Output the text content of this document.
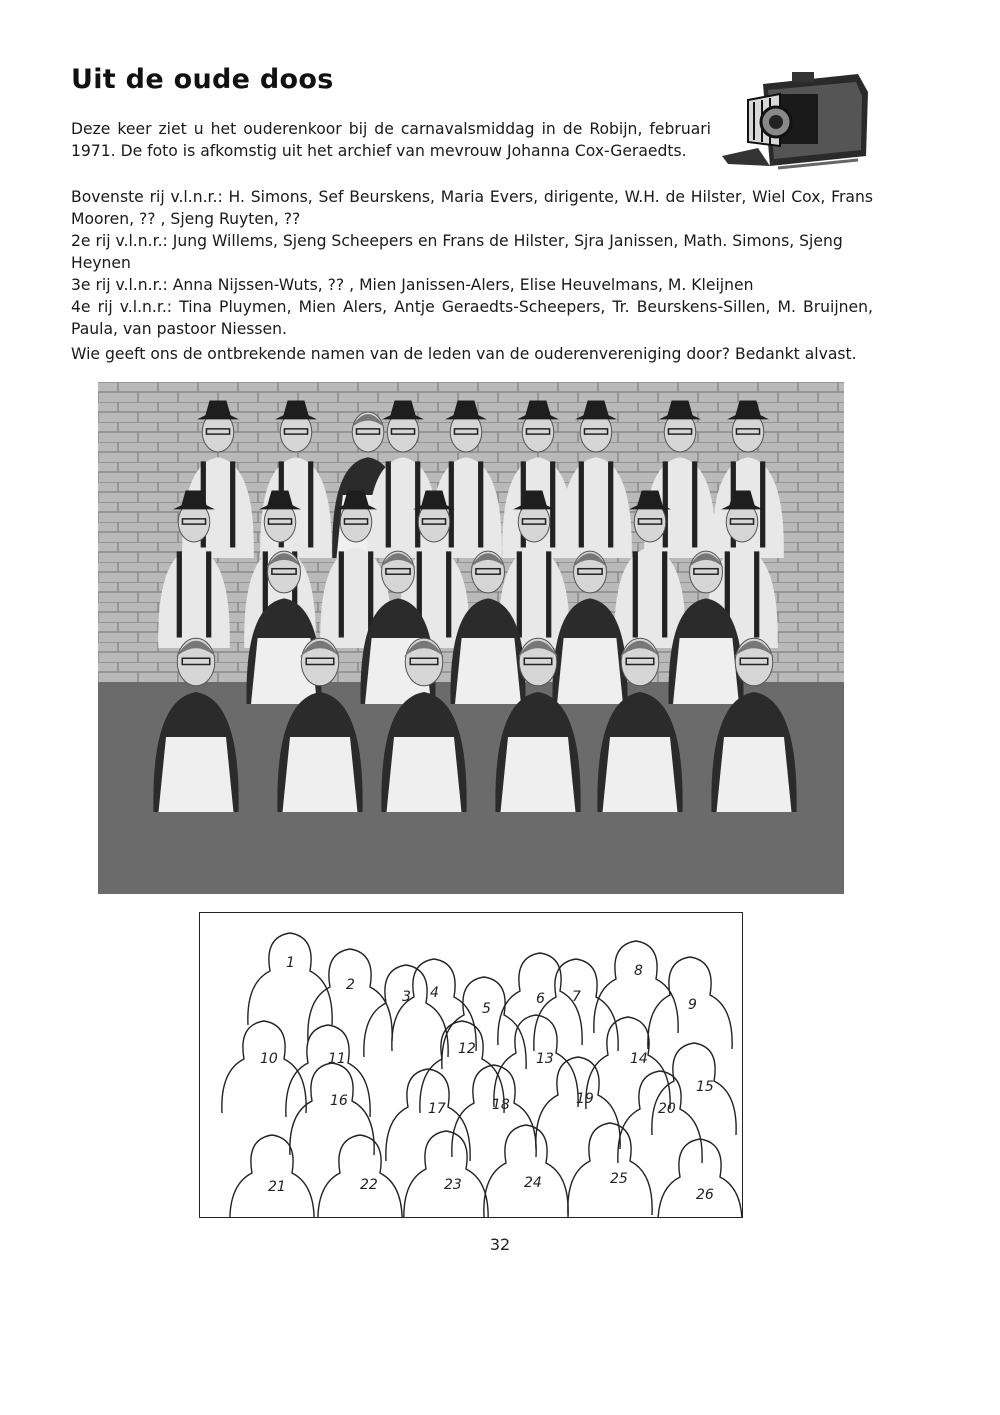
Uit de oude doos

Deze keer ziet u het ouderenkoor bij de carnavalsmiddag in de Robijn, februari 1971. De foto is afkomstig uit het archief van mevrouw Johanna Cox-Geraedts.

Bovenste rij v.l.n.r.: H. Simons, Sef Beurskens, Maria Evers, dirigente, W.H. de Hilster, Wiel Cox, Frans
Mooren, ?? , Sjeng Ruyten, ??
2e rij v.l.n.r.: Jung Willems, Sjeng Scheepers en Frans de Hilster, Sjra Janissen, Math. Simons, Sjeng Heynen
3e rij v.l.n.r.: Anna Nijssen-Wuts, ?? , Mien Janissen-Alers, Elise Heuvelmans, M. Kleijnen
4e rij v.l.n.r.: Tina Pluymen, Mien Alers, Antje Geraedts-Scheepers, Tr. Beurskens-Sillen, M. Bruijnen,
Paula, van pastoor Niessen.

Wie geeft ons de ontbrekende namen van de leden van de ouderenvereniging door? Bedankt alvast.

1
2
3 4
5
6 7
8
9
10	11
12
13	14
15
16	17	18	19
20
21	22	23	24	25
26
32
